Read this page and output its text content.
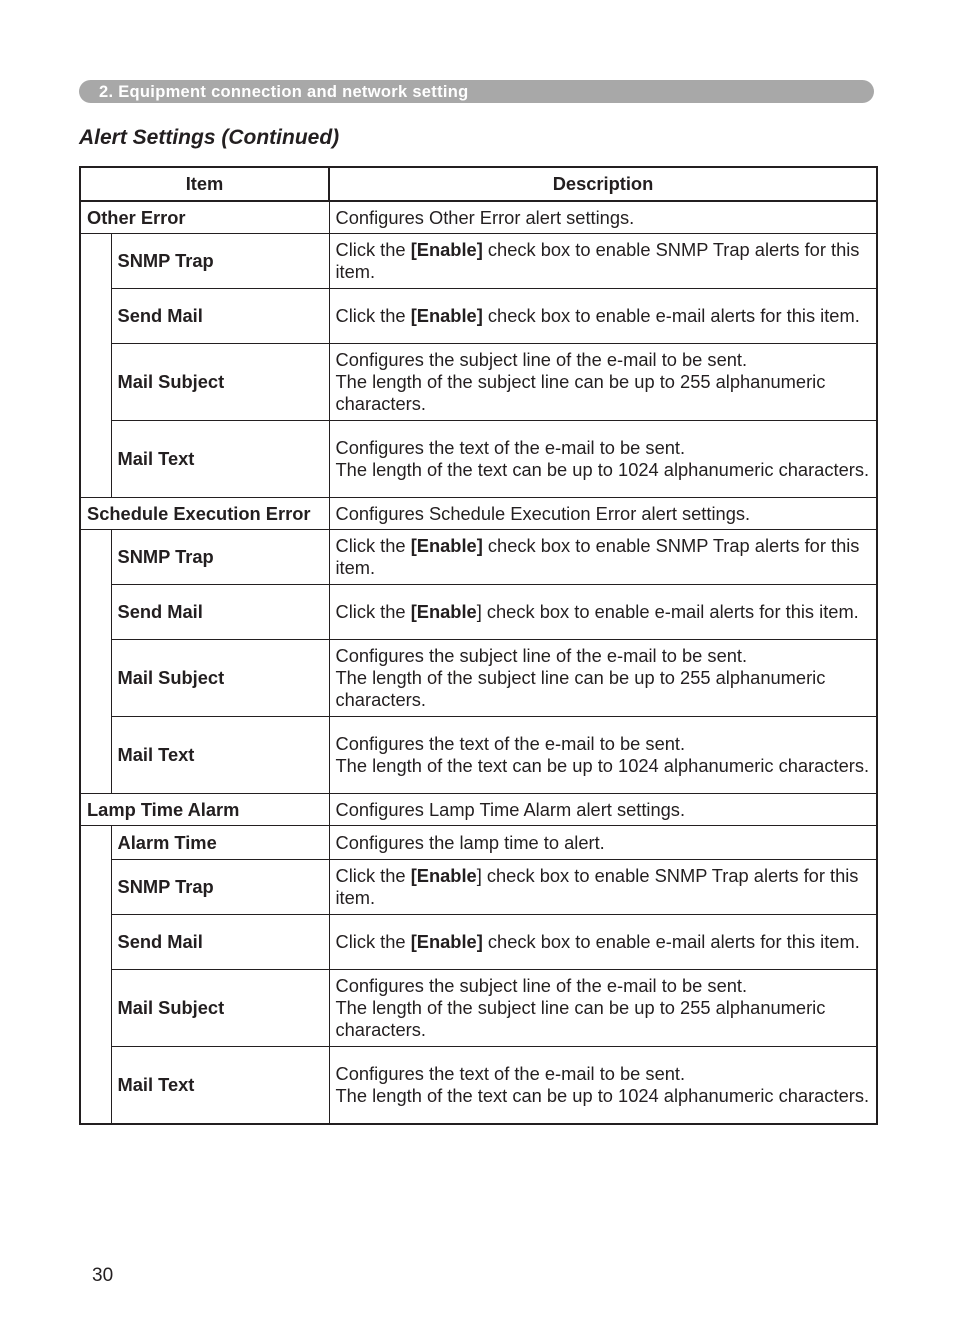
2. Equipment connection and network setting
Alert Settings (Continued)
Item		Description
Other Error		Configures Other Error alert settings.
	SNMP Trap	Click the [Enable] check box to enable SNMP Trap alerts for this item.
	Send Mail	Click the [Enable] check box to enable e-mail alerts for this item.
	Mail Subject	Configures the subject line of the e-mail to be sent.
The length of the subject line can be up to 255 alphanumeric characters.

	Mail Text	Configures the text of the e-mail to be sent.
The length of the text can be up to 1024 alphanumeric characters.

Schedule Execution Error		Configures Schedule Execution Error alert settings.
	SNMP Trap	Click the [Enable] check box to enable SNMP Trap alerts for this item.
	Send Mail	Click the [Enable] check box to enable e-mail alerts for this item.
	Mail Subject	Configures the subject line of the e-mail to be sent.
The length of the subject line can be up to 255 alphanumeric characters.

	Mail Text	Configures the text of the e-mail to be sent.
The length of the text can be up to 1024 alphanumeric characters.

Lamp Time Alarm		Configures Lamp Time Alarm alert settings.
	Alarm Time	Configures the lamp time to alert.

	SNMP Trap	Click the [Enable] check box to enable SNMP Trap alerts for this item.
	Send Mail	Click the [Enable] check box to enable e-mail alerts for this item.
	Mail Subject	Configures the subject line of the e-mail to be sent.
The length of the subject line can be up to 255 alphanumeric characters.

	Mail Text	Configures the text of the e-mail to be sent.
The length of the text can be up to 1024 alphanumeric characters.
30
